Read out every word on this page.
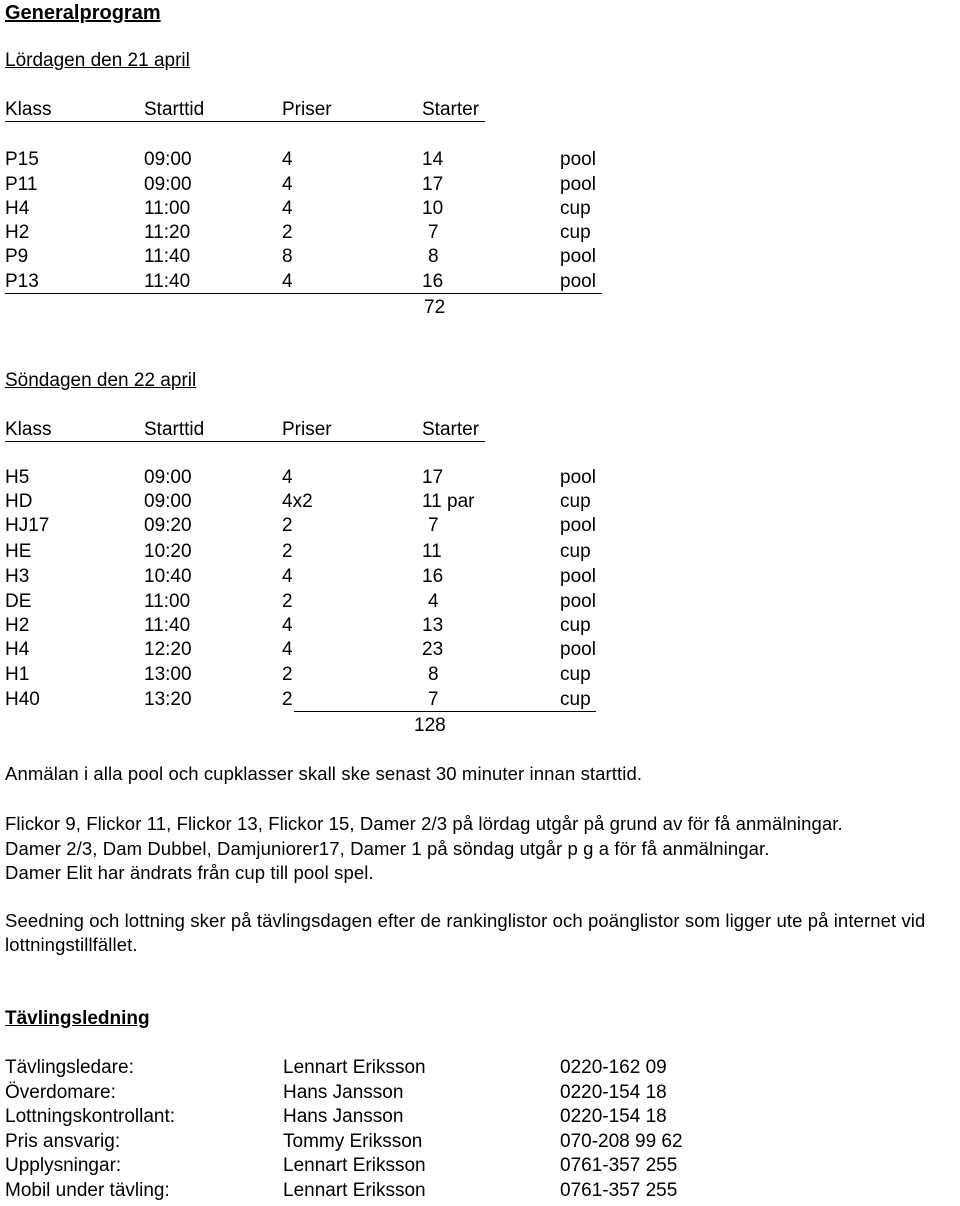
Generalprogram
Lördagen den 21 april
Klass	Starttid	Priser	Starter
P15	09:00	4	14	pool
P11	09:00	4	17	pool
H4	11:00	4	10	cup
H2	11:20	2	7	cup
P9	11:40	8	8	pool
P13	11:40	4	16	pool
72
Söndagen den 22 april
Klass	Starttid	Priser	Starter
H5	09:00	4	17	pool
HD	09:00	4x2	11 par	cup
HJ17	09:20	2	7	pool
HE	10:20	2	11	cup
H3	10:40	4	16	pool
DE	11:00	2	4	pool
H2	11:40	4	13	cup
H4	12:20	4	23	pool
H1	13:00	2	8	cup
H40	13:20	2	7	cup
128
Anmälan i alla pool och cupklasser skall ske senast 30 minuter innan starttid.
Flickor 9, Flickor 11, Flickor 13, Flickor 15, Damer 2/3 på lördag utgår på grund av för få anmälningar.
Damer 2/3, Dam Dubbel, Damjuniorer17, Damer 1 på söndag utgår p g a för få anmälningar.
Damer Elit har ändrats från cup till pool spel.
Seedning och lottning sker på tävlingsdagen efter de rankinglistor och poänglistor som ligger ute på internet vid lottningstillfället.
Tävlingsledning
Tävlingsledare:	Lennart Eriksson	0220-162 09
Överdomare:	Hans Jansson	0220-154 18
Lottningskontrollant:	Hans Jansson	0220-154 18
Pris ansvarig:	Tommy Eriksson	070-208 99 62
Upplysningar:	Lennart Eriksson	0761-357 255
Mobil under tävling:	Lennart Eriksson	0761-357 255
